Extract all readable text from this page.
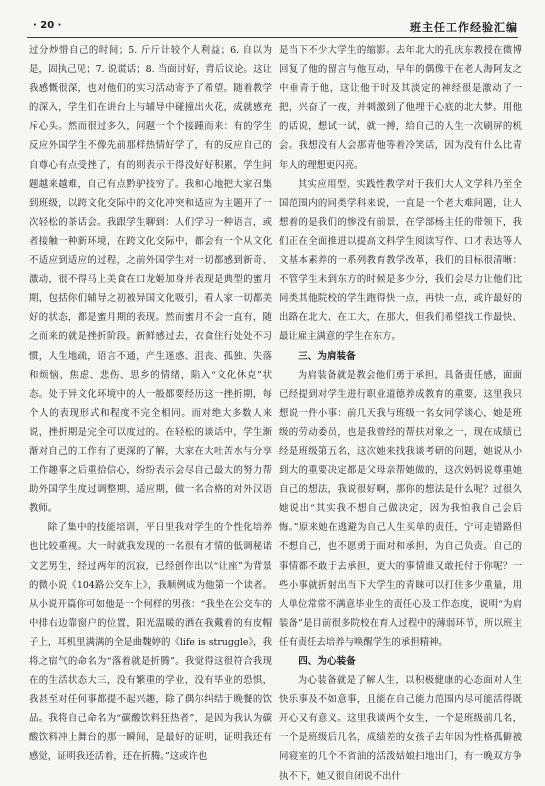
· 20 ·	班主任工作经验汇编

过分炒惜自己的时间；5. 斤斤计较个人利益；6. 自以为是，固执己见；7. 说谎话；8. 当面讨好，背后议论。这让我感慨很深，也对他们的实习活动寄予了希望。随着教学的深入，学生们在讲台上与辅导中碰撞出火花，成就感充斥心头。然而很过多久，问题一个个接踵而来：有的学生反应外国学生不像先前那样热情好学了，有的反应自己的自尊心有点受挫了，有的则表示干得没好好积累，学生问题越来越难，自己有点黔驴技穷了。我和心地把大家召集到班级，以跨文化交际中的文化冲突和适应为主题开了一次轻松的茶话会。我跟学生聊到：人们学习一种语言，或者接触一种新环境，在跨文化交际中，都会有一个从文化不适应到适应的过程，之前外国学生对一切都感到新奇、激动，很不得马上美食在口龙姬加身并表现是典型的蜜月期，包括你们辅导之初被异国文化吸引，看人家一切都美好的状态，都是蜜月期的表现。然而蜜月不会一直有，随之而来的就是挫折阶段。新鲜感过去，衣食住行处处不习惯，人生地疏，语言不通，产生迷惑、沮丧、孤独、失落和烦恼、焦虑、悲伤、思乡的情绪，陷入“文化休克”状态。处于异文化环境中的人一般都要经历这一挫折期，每个人的表现形式和程度不完全相同。而对绝大多数人来说，挫折期是完全可以度过的。在轻松的谈话中，学生渐渐对自己的工作有了更深的了解，大家在大吐苦水与分享工作趣事之后重拾信心，纷纷表示会尽自己最大的努力帮助外国学生度过调整期、适应期，做一名合格的对外汉语教师。

除了集中的技能培训，平日里我对学生的个性化培养也比较重视。大一时就我发现的一名很有才情的低调秘诺文艺男生，经过两年的沉寂，已经创作出以“让座”为背景的微小说《104路公交车上》，我顺例成为他第一个读者。从小说开篇你可如他是一个何样的男孩：“我坐在公交车的中排右边靠窗户的位置，阳光温暖的洒在我戴着的有皮帽子上，耳机里满满的全是曲魏婷的《life is struggle》，我将之宿气的命名为“落着就是折腾”。我觉得这很符合我现在的生活状态大三，没有繁重的学业，没有毕业的恐惧，我甚至对任何事都提不起兴趣，除了偶尔纠结于晚餐的饮品。我将自己命名为“碳酸饮料狂热者”，是因为我认为碳酸饮料冲上舞台的那一瞬间，是最好的证明，证明我还有感觉，证明我还活着，还在折腾。”这或许也

是当下不少大学生的缩影。去年北大的孔庆东教授在微博回复了他的留言与他互动，早年的偶像干在老人海阿友之中垂青于他，这让他干时及其淡定的神经很是激动了一把，兴奋了一夜，并刺激到了他埋于心底的北大梦。用他的话说，想试一试，就一搏，给自己的人生一次刷屏的机会。我想没有人会那青他等着冷笑话，因为没有什么比青年人的理想更闪亮。

其实应用型、实践性教学对于我们大人文学科乃至全国范围内的同类学科来说，一直是一个老大难问题，让人想着的是我们的惨没有前景，在学部杨主任的带领下，我们正在全面推进以提高文科学生阅读写作、口才表达等人文基本素养的一系列教育教学改革，我们的目标很清晰：不管学生未到东方的时候是多少分，我们会尽力让他们比同类其他院校的学生跑得快一点，再快一点，或许最好的出路在北大、在工大，在那大，但我们希望找工作最快、最让雇主满意的学生在东方。

三、为肩装备

为肩装备就是教会他们勇于承担，具备责任感，面面已经提到对学生进行职业道德养成教育的重要，这里我只想说一件小事：前几天我与班级一名女同学谈心，她是班级的劳动委员，也是我曾经的帮扶对象之一，现在成绩已经是班级第五名，这次她来找我谈考研的问题，她说从小到大的重要决定都是父母亲帮她做的，这次妈妈说尊重她自己的想法，我说很好啊，那你的想法是什么呢？过很久她说出“其实我不想自己做决定，因为我怕我自己会后悔。”原来她在逃避为自己人生买单的责任，宁可走错路但不想自己，也不愿勇于面对和承担，为自己负责。自己的事情都不敢于去承担，更大的事情谁又敢托付于你呢？一些小事就折射出当下大学生的青睐可以打住多少重量，用人单位常常不满意毕业生的责任心及工作态度，说明“为肩装备”是目前很多院校在育人过程中的薄弱环节，所以班主任有责任去培养与唤醒学生的承担精神。

四、为心装备

为心装备就是了解人生，以积极健康的心态面对人生快乐事及不如意事，且能在自己能力范围内尽可能活得既开心又有意义。这里我谈两个女生，一个是班级前几名，一个是班级后几名，成绩差的女孩子去年因为性格孤僻被同寝室的几个不省油的活泼姑娘扫地出门，有一晚双方争执不下，她又很自闭说不出什
